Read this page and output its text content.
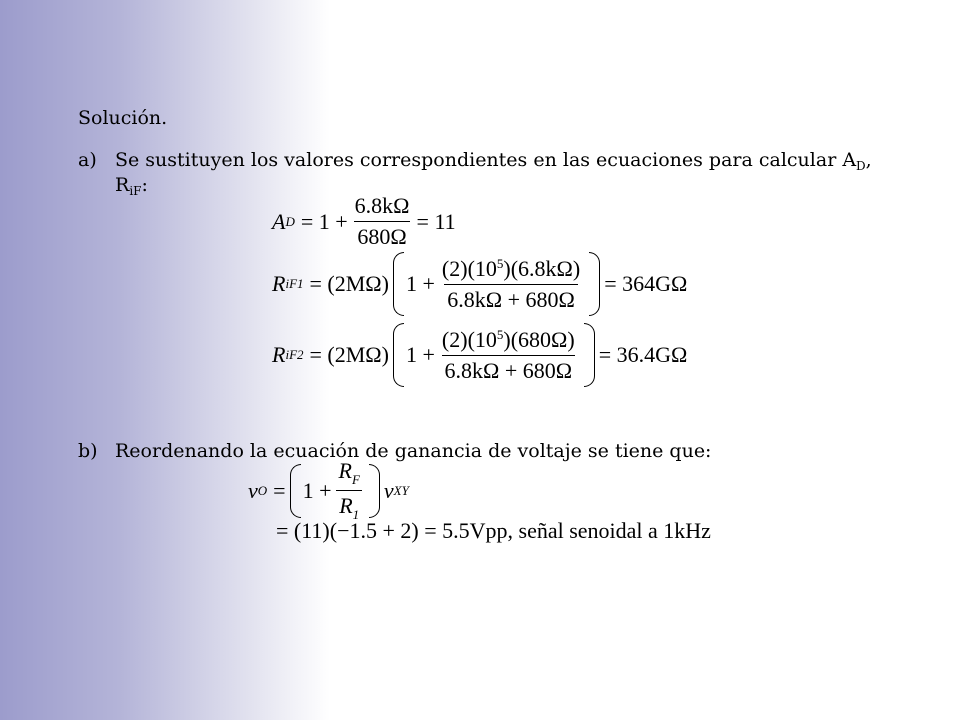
Solución.
a) Se sustituyen los valores correspondientes en las ecuaciones para calcular $A_D$,
$R_{iF}$:
A $D = 1 + \frac{6.8k\Omega}{680\Omega} = 11$
R iF1 = (2MΩ) $1 + \frac{(2)(10^5)(6.8k\Omega)}{6.8k\Omega + 680\Omega} = 364G\Omega$
R iF2 = (2MΩ) $1 + \frac{(2)(10^5)(680\Omega)}{6.8k\Omega + 680\Omega} = 36.4G\Omega$
b) Reordenando la ecuación de ganancia de voltaje se tiene que:
v $O = 1 + \frac{R_F}{R_1}$ v XY
= (11)(−1.5 + 2) = 5.5Vpp, señal senoidal a 1kHz
